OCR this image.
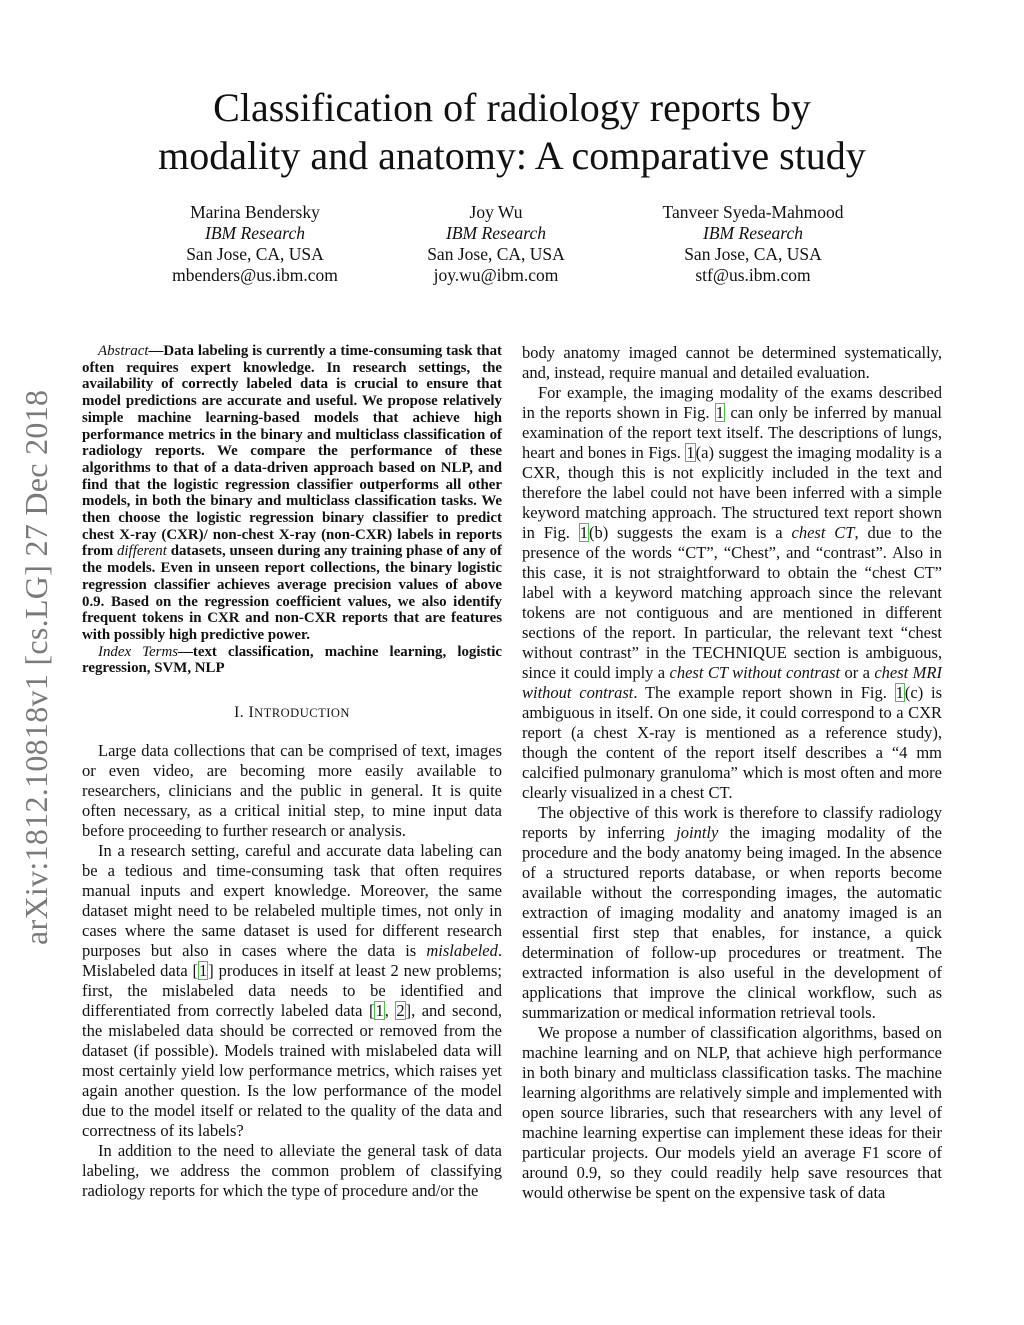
arXiv:1812.10818v1 [cs.LG] 27 Dec 2018
Classification of radiology reports by
modality and anatomy: A comparative study
Marina Bendersky
IBM Research
San Jose, CA, USA
mbenders@us.ibm.com
Joy Wu
IBM Research
San Jose, CA, USA
joy.wu@ibm.com
Tanveer Syeda-Mahmood
IBM Research
San Jose, CA, USA
stf@us.ibm.com

Abstract—Data labeling is currently a time-consuming task that often requires expert knowledge. In research settings, the availability of correctly labeled data is crucial to ensure that model predictions are accurate and useful. We propose relatively simple machine learning-based models that achieve high performance metrics in the binary and multiclass classification of radiology reports. We compare the performance of these algorithms to that of a data-driven approach based on NLP, and find that the logistic regression classifier outperforms all other models, in both the binary and multiclass classification tasks. We then choose the logistic regression binary classifier to predict chest X-ray (CXR)/ non-chest X-ray (non-CXR) labels in reports from different datasets, unseen during any training phase of any of the models. Even in unseen report collections, the binary logistic regression classifier achieves average precision values of above 0.9. Based on the regression coefficient values, we also identify frequent tokens in CXR and non-CXR reports that are features with possibly high predictive power.

Index Terms—text classification, machine learning, logistic regression, SVM, NLP

I. INTRODUCTION

Large data collections that can be comprised of text, images or even video, are becoming more easily available to researchers, clinicians and the public in general. It is quite often necessary, as a critical initial step, to mine input data before proceeding to further research or analysis.

In a research setting, careful and accurate data labeling can be a tedious and time-consuming task that often requires manual inputs and expert knowledge. Moreover, the same dataset might need to be relabeled multiple times, not only in cases where the same dataset is used for different research purposes but also in cases where the data is mislabeled. Mislabeled data [1] produces in itself at least 2 new problems; first, the mislabeled data needs to be identified and differentiated from correctly labeled data [1, 2], and second, the mislabeled data should be corrected or removed from the dataset (if possible). Models trained with mislabeled data will most certainly yield low performance metrics, which raises yet again another question. Is the low performance of the model due to the model itself or related to the quality of the data and correctness of its labels?

In addition to the need to alleviate the general task of data labeling, we address the common problem of classifying radiology reports for which the type of procedure and/or the

body anatomy imaged cannot be determined systematically, and, instead, require manual and detailed evaluation.

For example, the imaging modality of the exams described in the reports shown in Fig. 1 can only be inferred by manual examination of the report text itself. The descriptions of lungs, heart and bones in Figs. 1(a) suggest the imaging modality is a CXR, though this is not explicitly included in the text and therefore the label could not have been inferred with a simple keyword matching approach. The structured text report shown in Fig. 1(b) suggests the exam is a chest CT, due to the presence of the words “CT”, “Chest”, and “contrast”. Also in this case, it is not straightforward to obtain the “chest CT” label with a keyword matching approach since the relevant tokens are not contiguous and are mentioned in different sections of the report. In particular, the relevant text “chest without contrast” in the TECHNIQUE section is ambiguous, since it could imply a chest CT without contrast or a chest MRI without contrast. The example report shown in Fig. 1(c) is ambiguous in itself. On one side, it could correspond to a CXR report (a chest X-ray is mentioned as a reference study), though the content of the report itself describes a “4 mm calcified pulmonary granuloma” which is most often and more clearly visualized in a chest CT.

The objective of this work is therefore to classify radiology reports by inferring jointly the imaging modality of the procedure and the body anatomy being imaged. In the absence of a structured reports database, or when reports become available without the corresponding images, the automatic extraction of imaging modality and anatomy imaged is an essential first step that enables, for instance, a quick determination of follow-up procedures or treatment. The extracted information is also useful in the development of applications that improve the clinical workflow, such as summarization or medical information retrieval tools.

We propose a number of classification algorithms, based on machine learning and on NLP, that achieve high performance in both binary and multiclass classification tasks. The machine learning algorithms are relatively simple and implemented with open source libraries, such that researchers with any level of machine learning expertise can implement these ideas for their particular projects. Our models yield an average F1 score of around 0.9, so they could readily help save resources that would otherwise be spent on the expensive task of data
